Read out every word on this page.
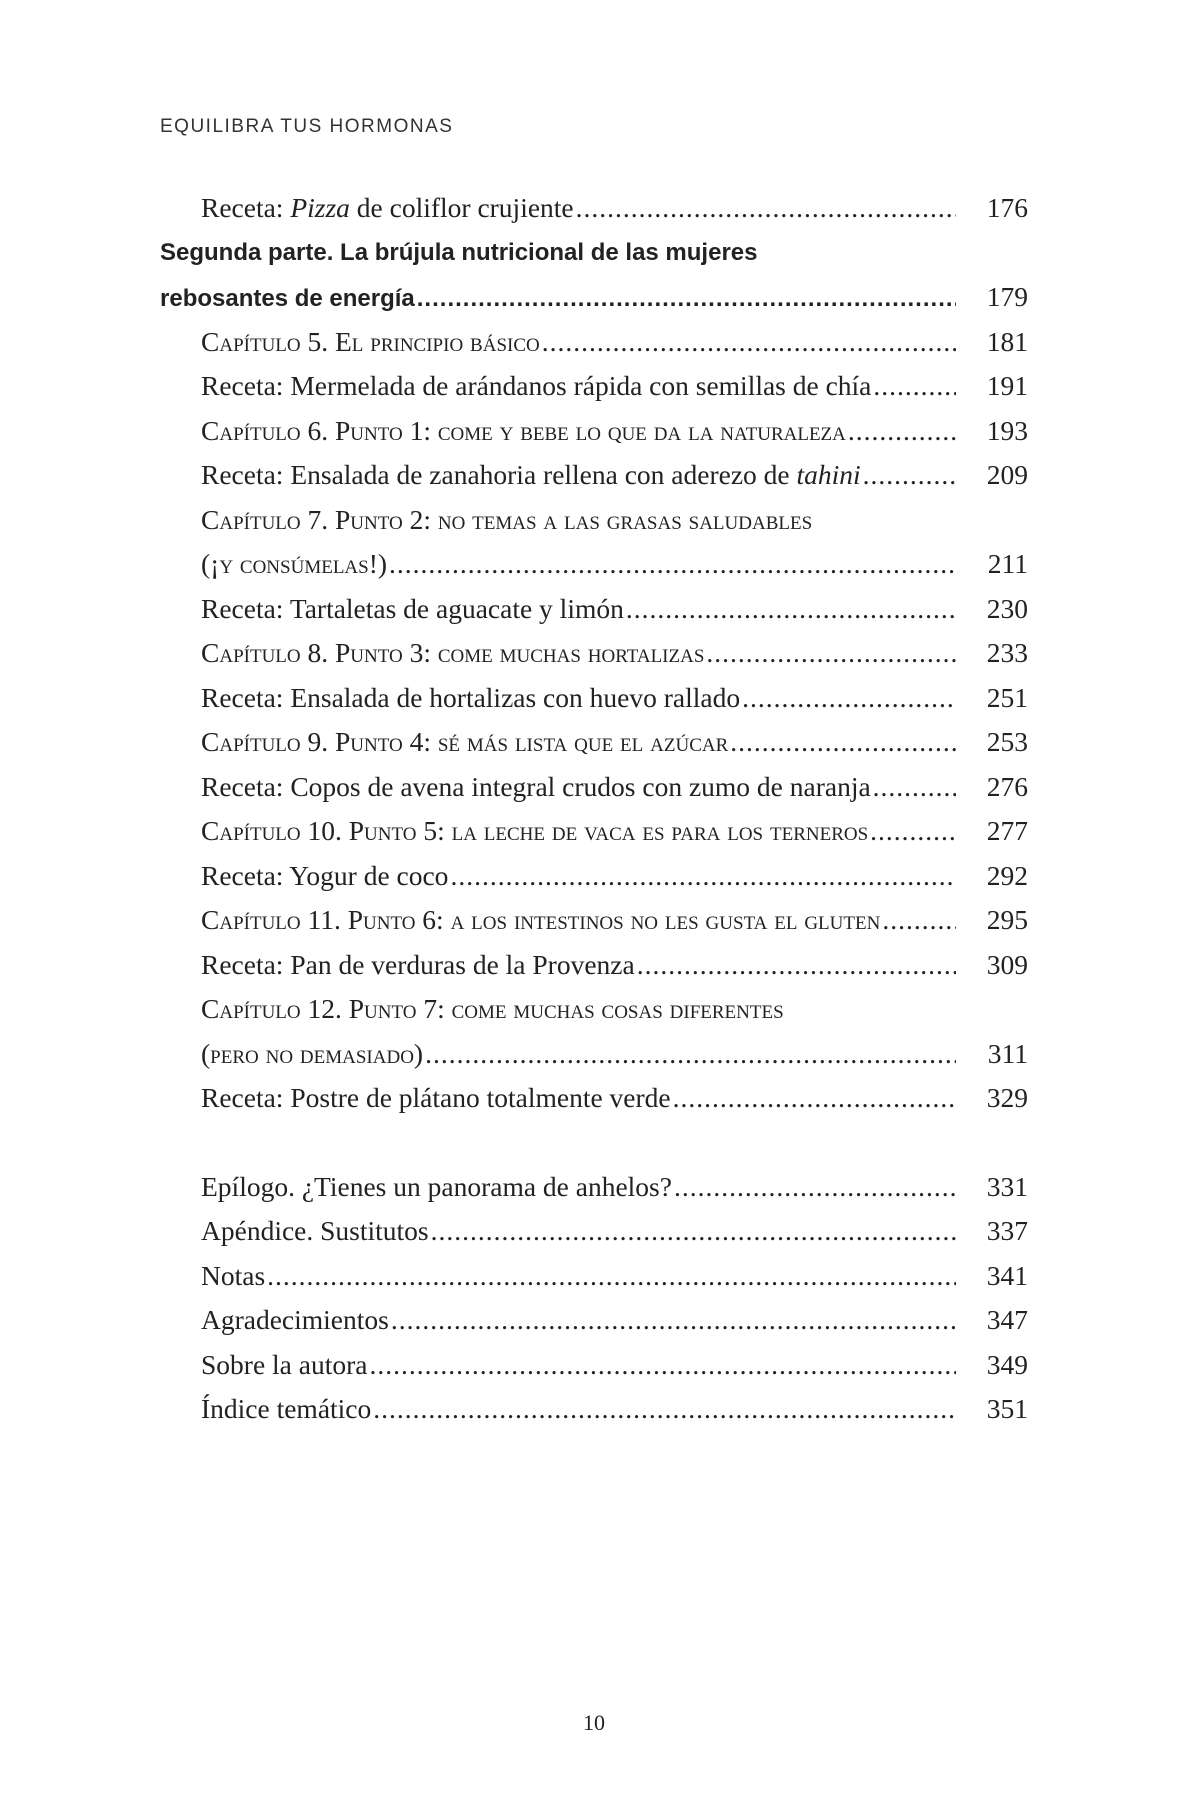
EQUILIBRA TUS HORMONAS
Receta: Pizza de coliflor crujiente .....	176
Segunda parte. La brújula nutricional de las mujeres
rebosantes de energía .....	179
Capítulo 5. El principio básico .....	181
Receta: Mermelada de arándanos rápida con semillas de chía .....	191
Capítulo 6. Punto 1: come y bebe lo que da la naturaleza .....	193
Receta: Ensalada de zanahoria rellena con aderezo de tahini .....	209
Capítulo 7. Punto 2: no temas a las grasas saludables
(¡y consúmelas!) .....	211
Receta: Tartaletas de aguacate y limón .....	230
Capítulo 8. Punto 3: come muchas hortalizas .....	233
Receta: Ensalada de hortalizas con huevo rallado .....	251
Capítulo 9. Punto 4: sé más lista que el azúcar .....	253
Receta: Copos de avena integral crudos con zumo de naranja .....	276
Capítulo 10. Punto 5: la leche de vaca es para los terneros .....	277
Receta: Yogur de coco .....	292
Capítulo 11. Punto 6: a los intestinos no les gusta el gluten .....	295
Receta: Pan de verduras de la Provenza .....	309
Capítulo 12. Punto 7: come muchas cosas diferentes
(pero no demasiado) .....	311
Receta: Postre de plátano totalmente verde .....	329
Epílogo. ¿Tienes un panorama de anhelos? .....	331
Apéndice. Sustitutos .....	337
Notas .....	341
Agradecimientos .....	347
Sobre la autora .....	349
Índice temático .....	351
10
